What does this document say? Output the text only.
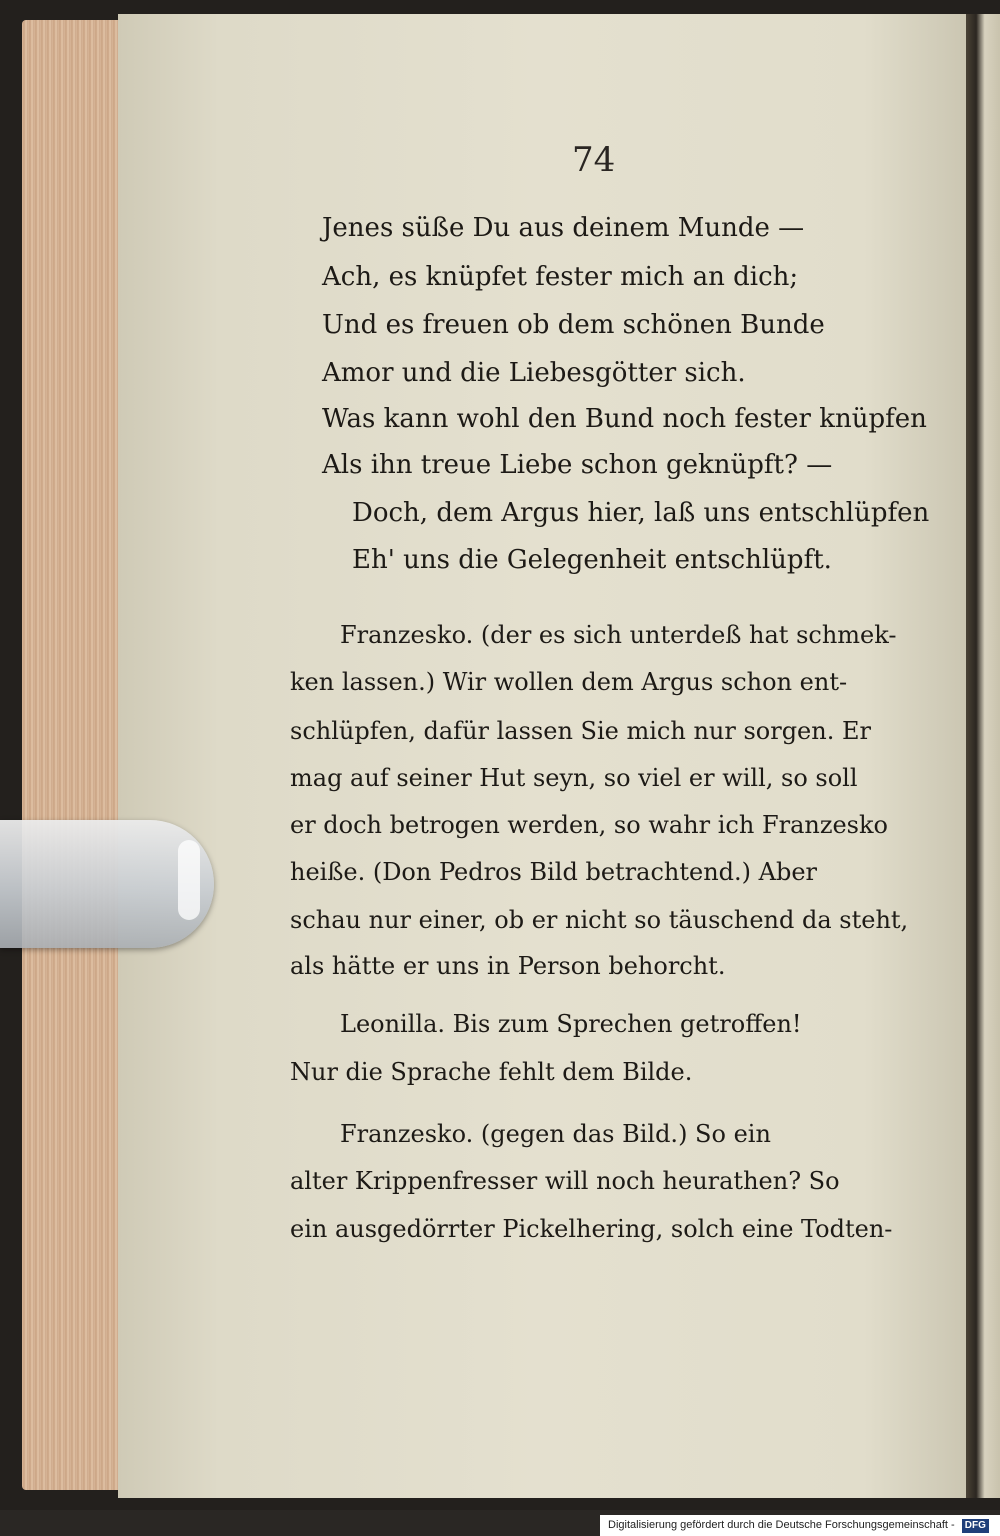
74
Jenes süße Du aus deinem Munde —
Ach, es knüpfet fester mich an dich;
Und es freuen ob dem schönen Bunde
Amor und die Liebesgötter sich.
Was kann wohl den Bund noch fester knüpfen
Als ihn treue Liebe schon geknüpft? —
Doch, dem Argus hier, laß uns entschlüpfen
Eh' uns die Gelegenheit entschlüpft.
Franzesko. (der es sich unterdeß hat schmek-
ken lassen.) Wir wollen dem Argus schon ent-
schlüpfen, dafür lassen Sie mich nur sorgen. Er
mag auf seiner Hut seyn, so viel er will, so soll
er doch betrogen werden, so wahr ich Franzesko
heiße. (Don Pedros Bild betrachtend.) Aber
schau nur einer, ob er nicht so täuschend da steht,
als hätte er uns in Person behorcht.
Leonilla. Bis zum Sprechen getroffen!
Nur die Sprache fehlt dem Bilde.
Franzesko. (gegen das Bild.) So ein
alter Krippenfresser will noch heurathen? So
ein ausgedörrter Pickelhering, solch eine Todten-
Digitalisierung gefördert durch die Deutsche Forschungsgemeinschaft - DFG
